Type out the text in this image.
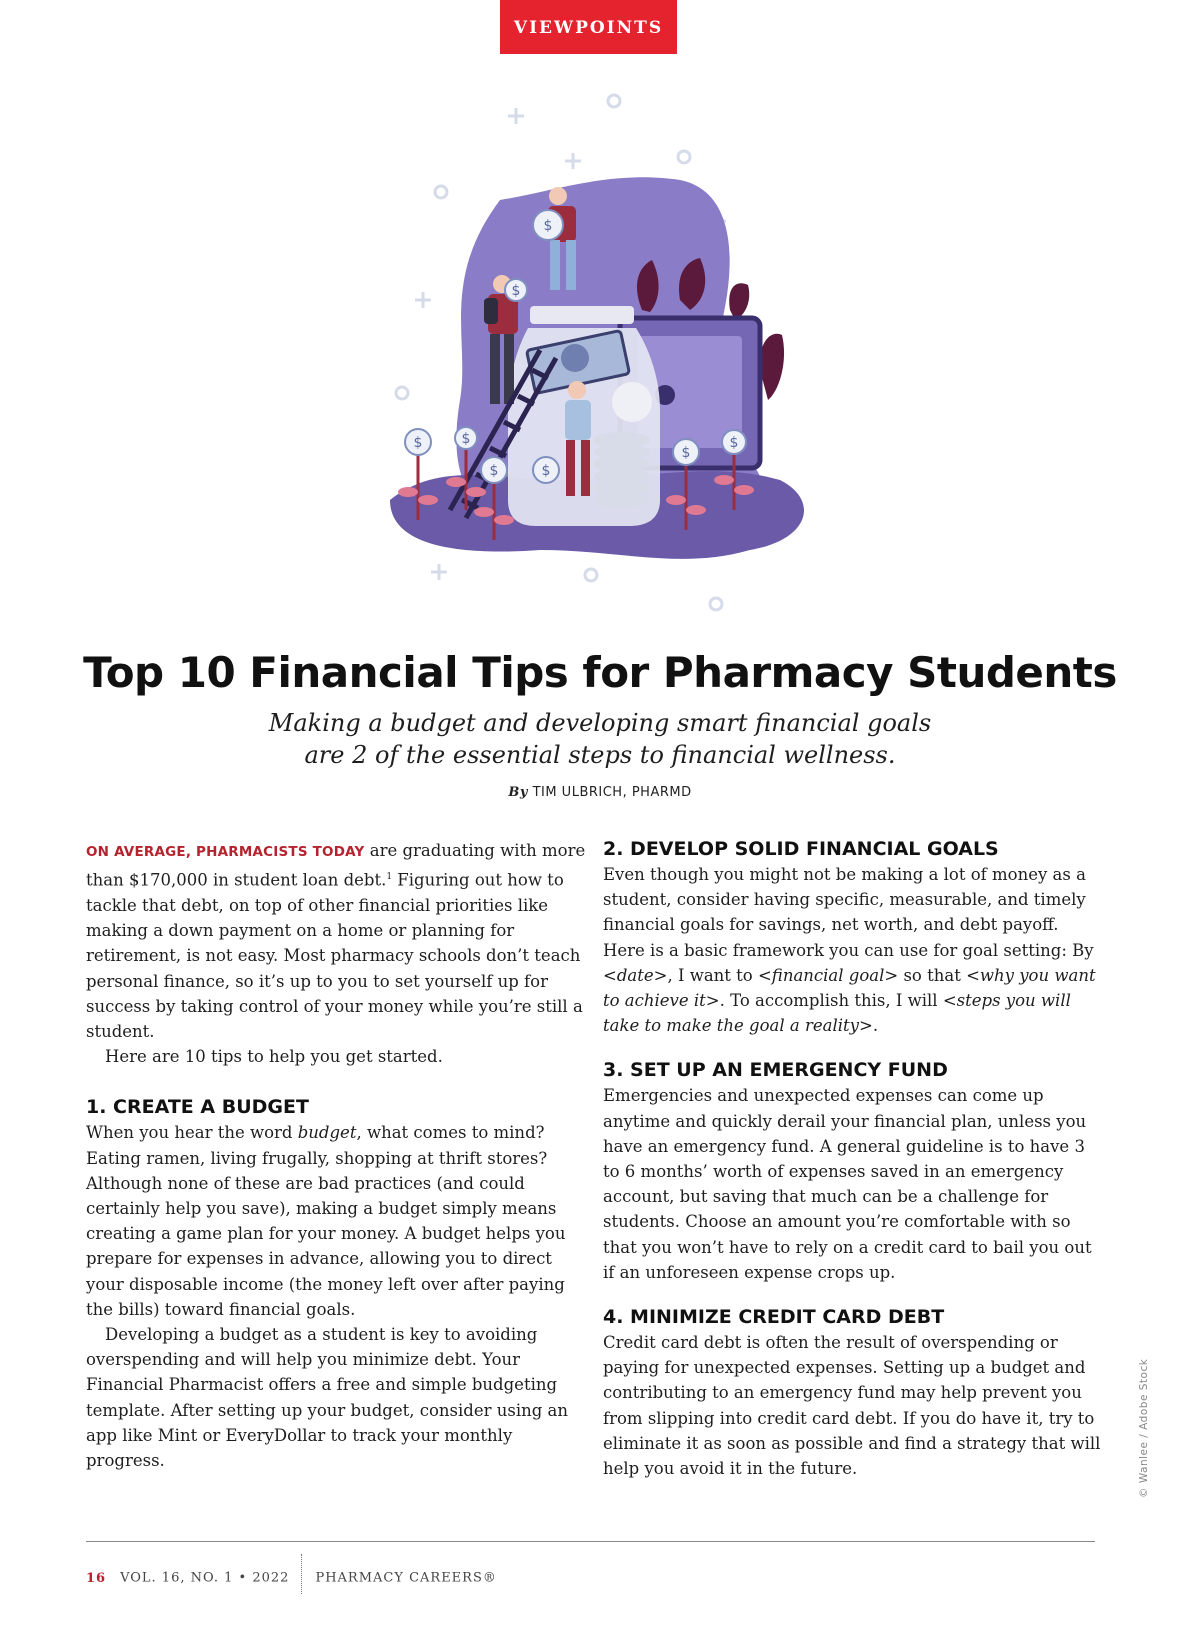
VIEWPOINTS
$	$
$
$
$
$
$
$
Top 10 Financial Tips for Pharmacy Students
Making a budget and developing smart financial goals
are 2 of the essential steps to financial wellness.
By TIM ULBRICH, PHARMD

ON AVERAGE, PHARMACISTS TODAY are graduating with more than $170,000 in student loan debt.$^1$ Figuring out how to tackle that debt, on top of other financial priorities like making a down payment on a home or planning for retirement, is not easy. Most pharmacy schools don’t teach personal finance, so it’s up to you to set yourself up for success by taking control of your money while you’re still a student.

Here are 10 tips to help you get started.

1. CREATE A BUDGET

When you hear the word budget, what comes to mind? Eating ramen, living frugally, shopping at thrift stores? Although none of these are bad practices (and could certainly help you save), making a budget simply means creating a game plan for your money. A budget helps you prepare for expenses in advance, allowing you to direct your disposable income (the money left over after paying the bills) toward financial goals.

Developing a budget as a student is key to avoiding overspending and will help you minimize debt. Your Financial Pharmacist offers a free and simple budgeting template. After setting up your budget, consider using an app like Mint or EveryDollar to track your monthly progress.

2. DEVELOP SOLID FINANCIAL GOALS

Even though you might not be making a lot of money as a student, consider having specific, measurable, and timely financial goals for savings, net worth, and debt payoff. Here is a basic framework you can use for goal setting: By <date>, I want to <financial goal> so that <why you want to achieve it>. To accomplish this, I will <steps you will take to make the goal a reality>.

3. SET UP AN EMERGENCY FUND

Emergencies and unexpected expenses can come up anytime and quickly derail your financial plan, unless you have an emergency fund. A general guideline is to have 3 to 6 months’ worth of expenses saved in an emergency account, but saving that much can be a challenge for students. Choose an amount you’re comfortable with so that you won’t have to rely on a credit card to bail you out if an unforeseen expense crops up.

4. MINIMIZE CREDIT CARD DEBT

Credit card debt is often the result of overspending or paying for unexpected expenses. Setting up a budget and contributing to an emergency fund may help prevent you from slipping into credit card debt. If you do have it, try to eliminate it as soon as possible and find a strategy that will help you avoid it in the future.	© Wanlee / Adobe Stock
16 VOL. 16, NO. 1 • 2022 PHARMACY CAREERS®
